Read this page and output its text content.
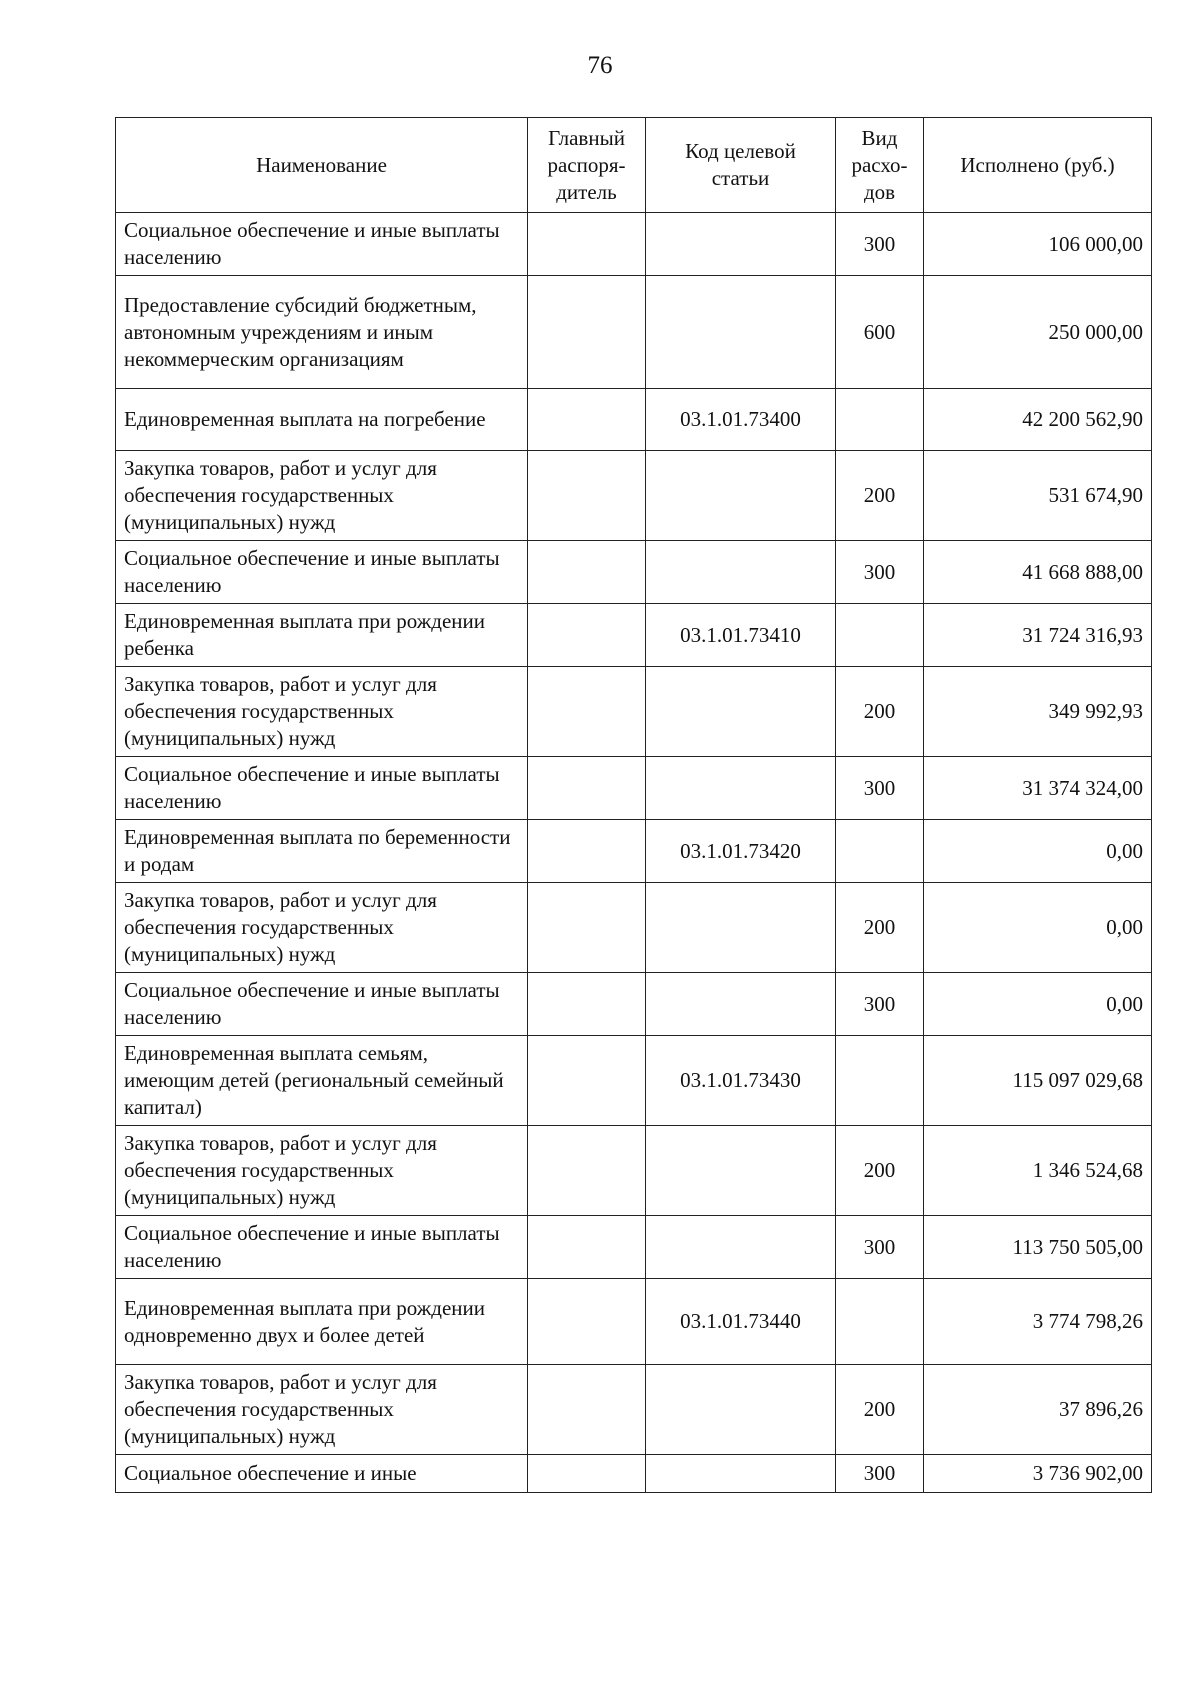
76
Наименование	Главный распоря-дитель	Код целевой статьи	Вид расхо-дов	Исполнено (руб.)
Социальное обеспечение и иные выплаты населению			300	106 000,00
Предоставление субсидий бюджетным, автономным учреждениям и иным некоммерческим организациям			600	250 000,00
Единовременная выплата на погребение		03.1.01.73400		42 200 562,90
Закупка товаров, работ и услуг для обеспечения государственных (муниципальных) нужд			200	531 674,90
Социальное обеспечение и иные выплаты населению			300	41 668 888,00
Единовременная выплата при рождении ребенка		03.1.01.73410		31 724 316,93
Закупка товаров, работ и услуг для обеспечения государственных (муниципальных) нужд			200	349 992,93
Социальное обеспечение и иные выплаты населению			300	31 374 324,00
Единовременная выплата по беременности и родам		03.1.01.73420		0,00
Закупка товаров, работ и услуг для обеспечения государственных (муниципальных) нужд			200	0,00
Социальное обеспечение и иные выплаты населению			300	0,00
Единовременная выплата семьям, имеющим детей (региональный семейный капитал)		03.1.01.73430		115 097 029,68
Закупка товаров, работ и услуг для обеспечения государственных (муниципальных) нужд			200	1 346 524,68
Социальное обеспечение и иные выплаты населению			300	113 750 505,00
Единовременная выплата при рождении одновременно двух и более детей		03.1.01.73440		3 774 798,26
Закупка товаров, работ и услуг для обеспечения государственных (муниципальных) нужд			200	37 896,26
Социальное обеспечение и иные			300	3 736 902,00
